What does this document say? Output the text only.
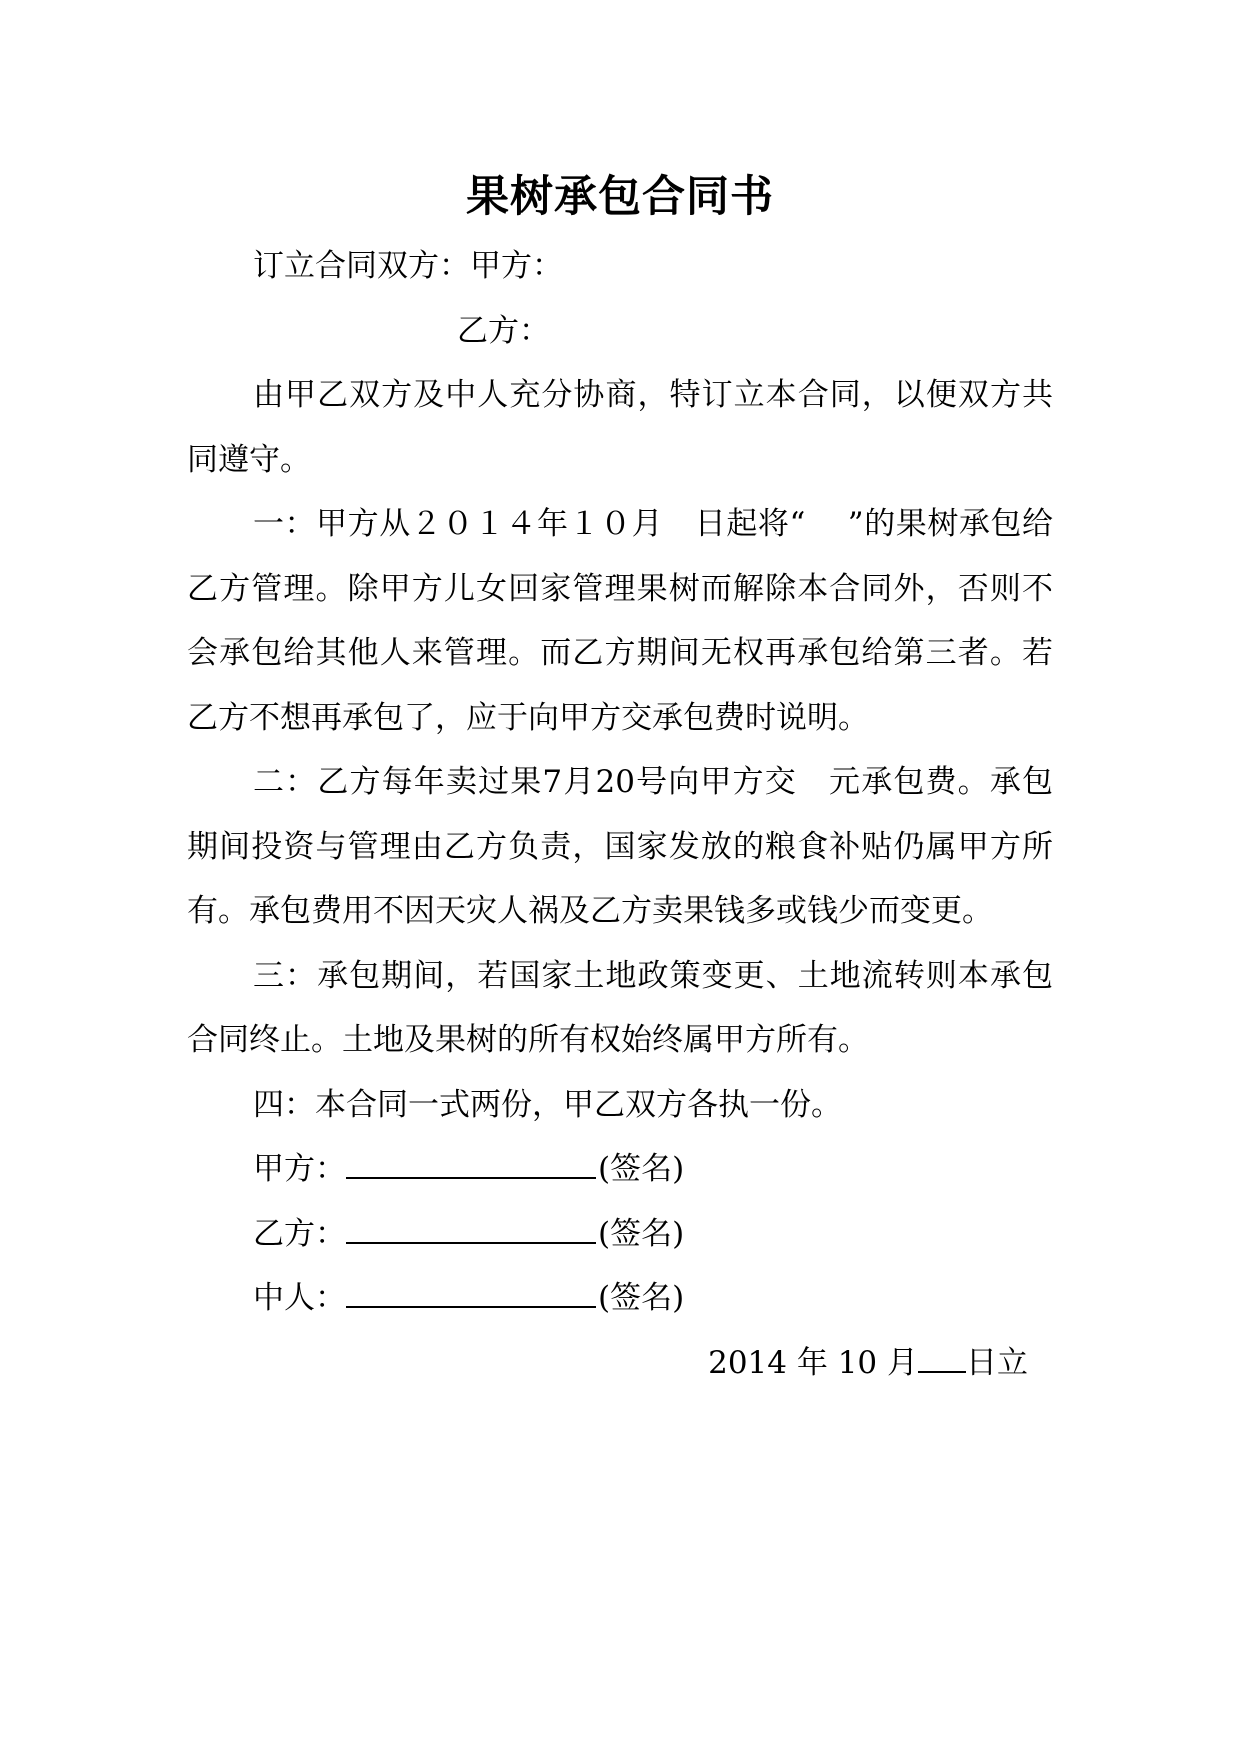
果树承包合同书

订立合同双方：甲方：

乙方：

由甲乙双方及中人充分协商，特订立本合同，以便双方共同遵守。

一：甲方从２０１４年１０月　日起将“　 ”的果树承包给乙方管理。除甲方儿女回家管理果树而解除本合同外，否则不会承包给其他人来管理。而乙方期间无权再承包给第三者。若乙方不想再承包了，应于向甲方交承包费时说明。

二：乙方每年卖过果7月20号向甲方交　元承包费。承包期间投资与管理由乙方负责，国家发放的粮食补贴仍属甲方所有。承包费用不因天灾人祸及乙方卖果钱多或钱少而变更。

三：承包期间，若国家土地政策变更、土地流转则本承包合同终止。土地及果树的所有权始终属甲方所有。

四：本合同一式两份，甲乙双方各执一份。

甲方：	(签名)

乙方：	(签名)

中人：	(签名)

2014 年 10 月 日立
